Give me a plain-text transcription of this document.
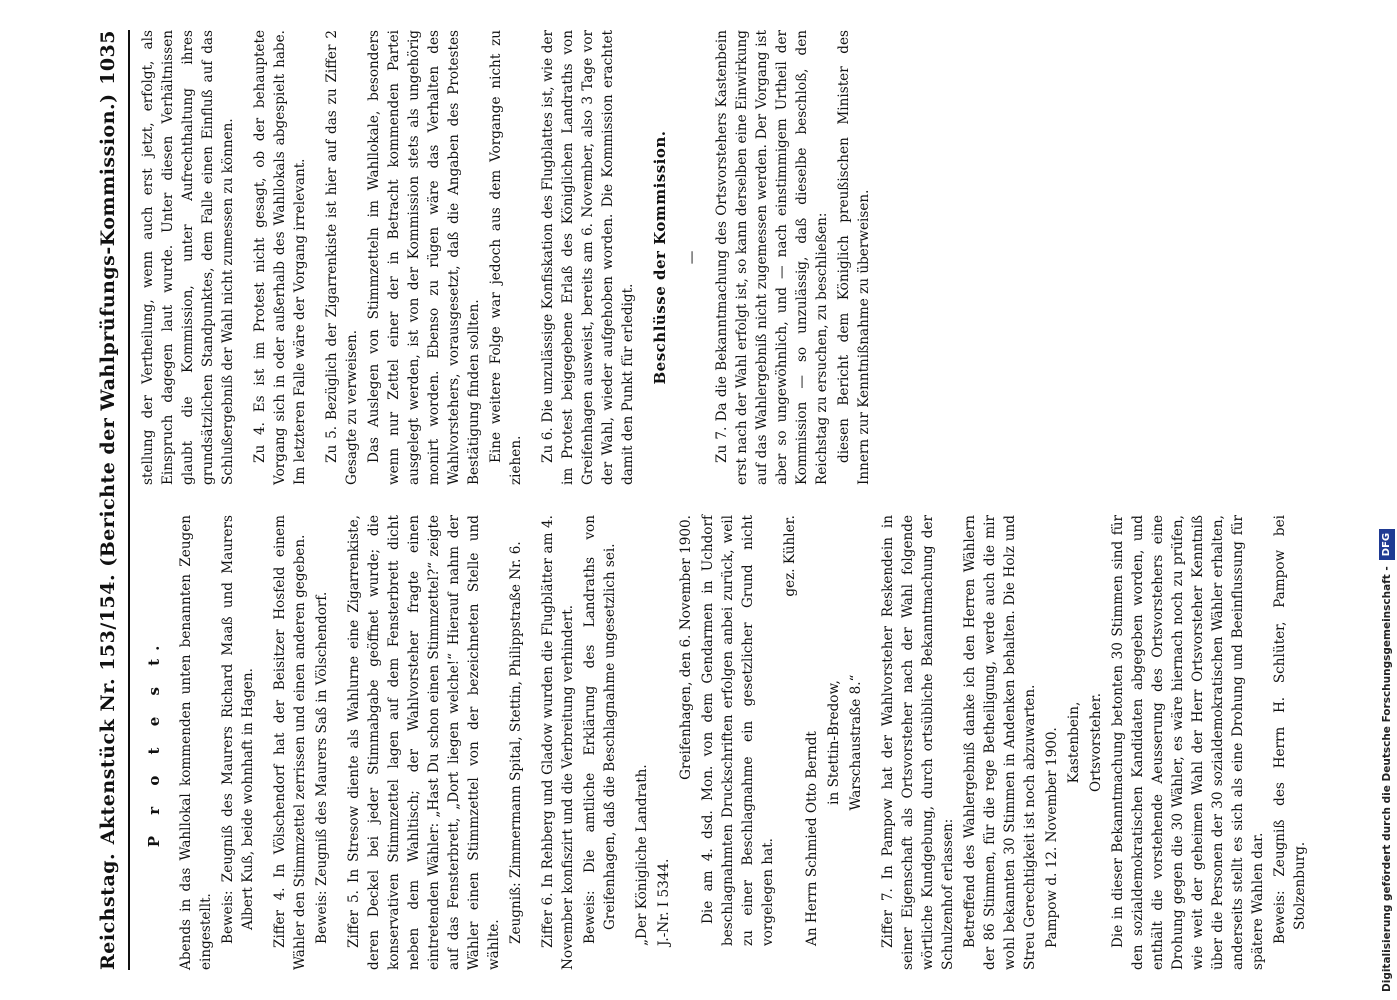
Reichstag.
Aktenstück Nr. 153/154. (Berichte der Wahlprüfungs-Kommission.)
1035
P r o t e s t. Abends in das Wahllokal kommenden unten benannten Zeugen eingestellt. Beweis: Zeugniß des Maurers Richard Maaß und Maurers Albert Kuß, beide wohnhaft in Hagen. Ziffer 4. In Völschendorf hat der Beisitzer Hosfeld einem Wähler den Stimmzettel zerrissen und einen anderen gegeben. Beweis: Zeugniß des Maurers Saß in Völschendorf. Ziffer 5. In Stresow diente als Wahlurne eine Zigarrenkiste, deren Deckel bei jeder Stimmabgabe geöffnet wurde; die konservativen Stimmzettel lagen auf dem Fensterbrett dicht neben dem Wahltisch; der Wahlvorsteher fragte einen eintretenden Wähler: „Hast Du schon einen Stimmzettel?“ zeigte auf das Fensterbrett, „Dort liegen welche!“ Hierauf nahm der Wähler einen Stimmzettel von der bezeichneten Stelle und wählte.

Zeugniß: Zimmermann Spital, Stettin, Philippstraße Nr. 6. Ziffer 6. In Rehberg und Gladow wurden die Flugblätter am 4. November konfiszirt und die Verbreitung verhindert. Beweis: Die amtliche Erklärung des Landraths von Greifenhagen, daß die Beschlagnahme ungesetzlich sei. „Der Königliche Landrath. J.-Nr. I 5344.

Greifenhagen, den 6. November 1900. Die am 4. dsd. Mon. von dem Gendarmen in Uchdorf beschlagnahmten Druckschriften erfolgen anbei zurück, weil zu einer Beschlagnahme ein gesetzlicher Grund nicht vorgelegen hat.

gez. Kühler.

An Herrn Schmied Otto Berndt in Stettin-Bredow, Warschaustraße 8.“ Ziffer 7. In Pampow hat der Wahlvorsteher Reskendein in seiner Eigenschaft als Ortsvorsteher nach der Wahl folgende wörtliche Kundgebung, durch ortsübliche Bekanntmachung der Schulzenhof erlassen: Betreffend des Wahlergebniß danke ich den Herren Wählern der 86 Stimmen, für die rege Betheiligung, werde auch die mir wohl bekannten 30 Stimmen in Andenken behalten. Die Holz und Streu Gerechtigkeit ist noch abzuwarten. Pampow d. 12. November 1900. Kastenbein, Ortsvorsteher. Die in dieser Bekanntmachung betonten 30 Stimmen sind für den sozialdemokratischen Kandidaten abgegeben worden, und enthält die vorstehende Aeusserung des Ortsvorstehers eine Drohung gegen die 30 Wähler, es wäre hiernach noch zu prüfen, wie weit der geheimen Wahl der Herr Ortsvorsteher Kenntniß über die Personen der 30 sozialdemokratischen Wähler erhalten, anderseits stellt es sich als eine Drohung und Beeinflussung für spätere Wahlen dar. Beweis: Zeugniß des Herrn H. Schlüter, Pampow bei Stolzenburg.

stellung der Vertheilung, wenn auch erst jetzt, erfolgt, als Einspruch dagegen laut wurde. Unter diesen Verhältnissen glaubt die Kommission, unter Aufrechthaltung ihres grundsätzlichen Standpunktes, dem Falle einen Einfluß auf das Schlußergebniß der Wahl nicht zumessen zu können. Zu 4. Es ist im Protest nicht gesagt, ob der behauptete Vorgang sich in oder außerhalb des Wahllokals abgespielt habe. Im letzteren Falle wäre der Vorgang irrelevant. Zu 5. Bezüglich der Zigarrenkiste ist hier auf das zu Ziffer 2 Gesagte zu verweisen. Das Auslegen von Stimmzetteln im Wahllokale, besonders wenn nur Zettel einer der in Betracht kommenden Partei ausgelegt werden, ist von der Kommission stets als ungehörig monirt worden. Ebenso zu rügen wäre das Verhalten des Wahlvorstehers, vorausgesetzt, daß die Angaben des Protestes Bestätigung finden sollten. Eine weitere Folge war jedoch aus dem Vorgange nicht zu ziehen. Zu 6. Die unzulässige Konfiskation des Flugblattes ist, wie der im Protest beigegebene Erlaß des Königlichen Landraths von Greifenhagen ausweist, bereits am 6. November, also 3 Tage vor der Wahl, wieder aufgehoben worden. Die Kommission erachtet damit den Punkt für erledigt. Beschlüsse der Kommission. — Zu 7. Da die Bekanntmachung des Ortsvorstehers Kastenbein erst nach der Wahl erfolgt ist, so kann derselben eine Einwirkung auf das Wahlergebniß nicht zugemessen werden. Der Vorgang ist aber so ungewöhnlich, und — nach einstimmigem Urtheil der Kommission — so unzulässig, daß dieselbe beschloß, den Reichstag zu ersuchen, zu beschließen: diesen Bericht dem Königlich preußischen Minister des Innern zur Kenntnißnahme zu überweisen.

Digitalisierung gefördert durch die Deutsche Forschungsgemeinschaft -
DFG
